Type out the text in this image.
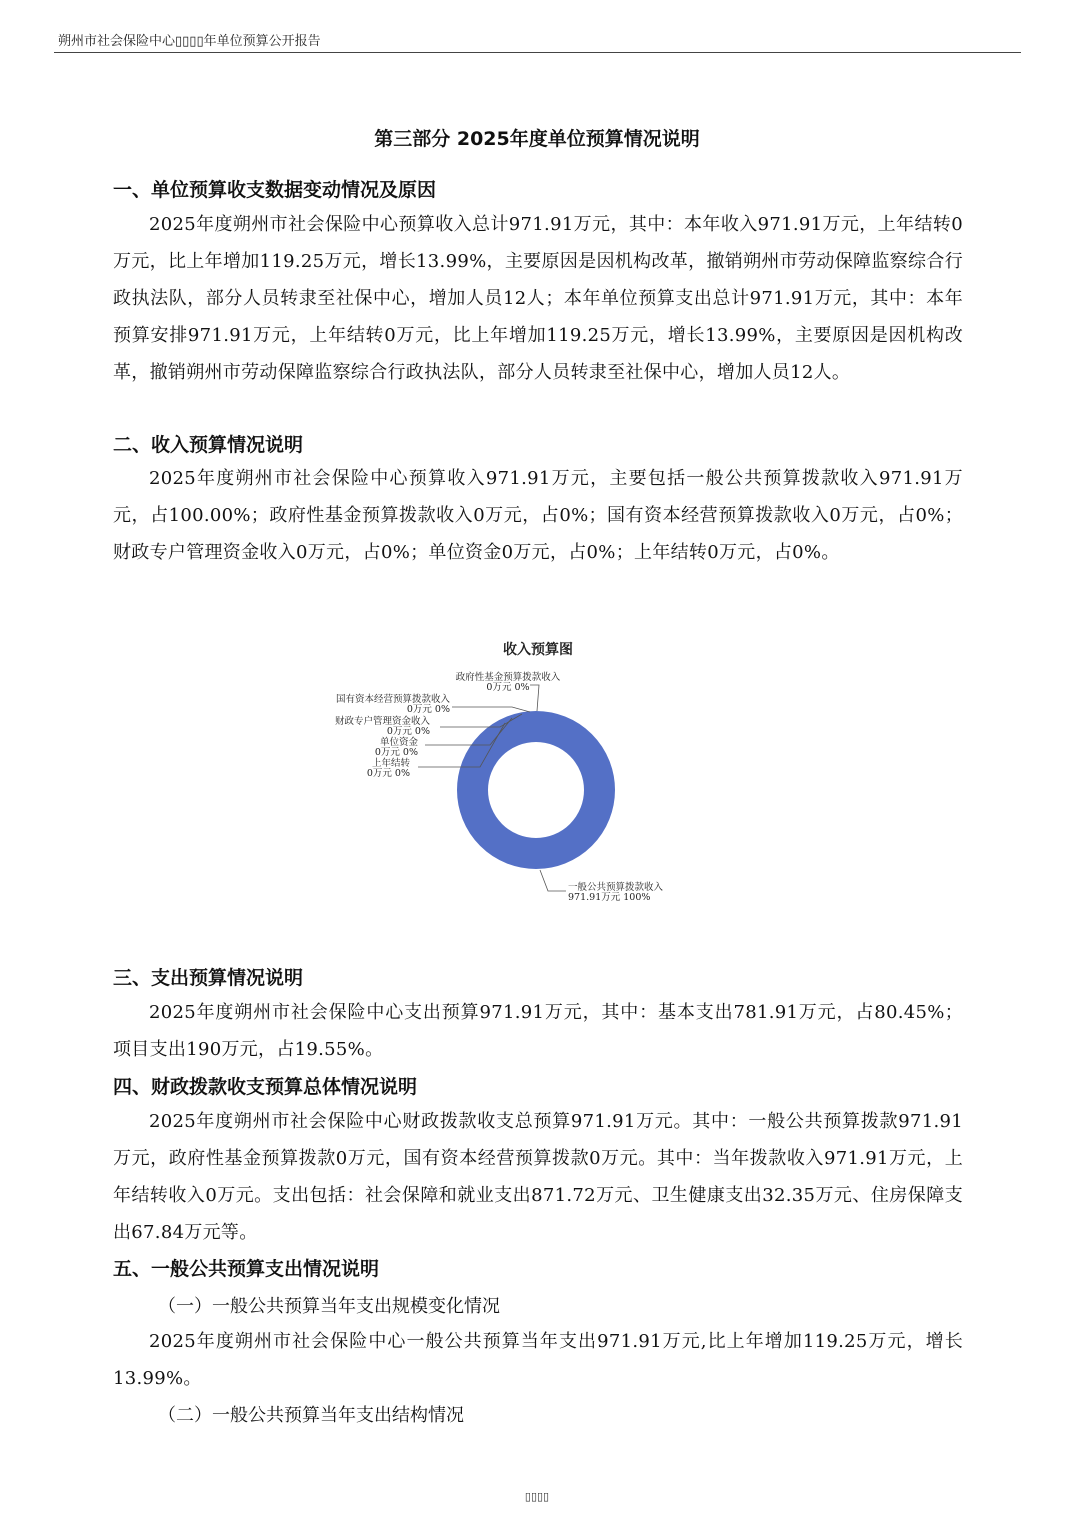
朔州市社会保险中心▯▯▯▯年单位预算公开报告
第三部分 2025年度单位预算情况说明
一、单位预算收支数据变动情况及原因

2025年度朔州市社会保险中心预算收入总计971.91万元，其中：本年收入971.91万元，上年结转0万元，比上年增加119.25万元，增长13.99%，主要原因是因机构改革，撤销朔州市劳动保障监察综合行政执法队，部分人员转隶至社保中心，增加人员12人；本年单位预算支出总计971.91万元，其中：本年预算安排971.91万元，上年结转0万元，比上年增加119.25万元，增长13.99%，主要原因是因机构改革，撤销朔州市劳动保障监察综合行政执法队，部分人员转隶至社保中心，增加人员12人。

二、收入预算情况说明

2025年度朔州市社会保险中心预算收入971.91万元，主要包括一般公共预算拨款收入971.91万元，占100.00%；政府性基金预算拨款收入0万元，占0%；国有资本经营预算拨款收入0万元，占0%；财政专户管理资金收入0万元，占0%；单位资金0万元，占0%；上年结转0万元，占0%。

收入预算图
一般公共预算拨款收入
971.91万元 100%
政府性基金预算拨款收入
0万元 0%
国有资本经营预算拨款收入
0万元 0%
财政专户管理资金收入
0万元 0%
单位资金
0万元 0%
上年结转
0万元 0%
三、支出预算情况说明

2025年度朔州市社会保险中心支出预算971.91万元，其中：基本支出781.91万元，占80.45%；项目支出190万元，占19.55%。

四、财政拨款收支预算总体情况说明

2025年度朔州市社会保险中心财政拨款收支总预算971.91万元。其中：一般公共预算拨款971.91万元，政府性基金预算拨款0万元，国有资本经营预算拨款0万元。其中：当年拨款收入971.91万元，上年结转收入0万元。支出包括：社会保障和就业支出871.72万元、卫生健康支出32.35万元、住房保障支出67.84万元等。

五、一般公共预算支出情况说明
（一）一般公共预算当年支出规模变化情况

2025年度朔州市社会保险中心一般公共预算当年支出971.91万元,比上年增加119.25万元，增长13.99%。

（二）一般公共预算当年支出结构情况
▯▯▯▯
